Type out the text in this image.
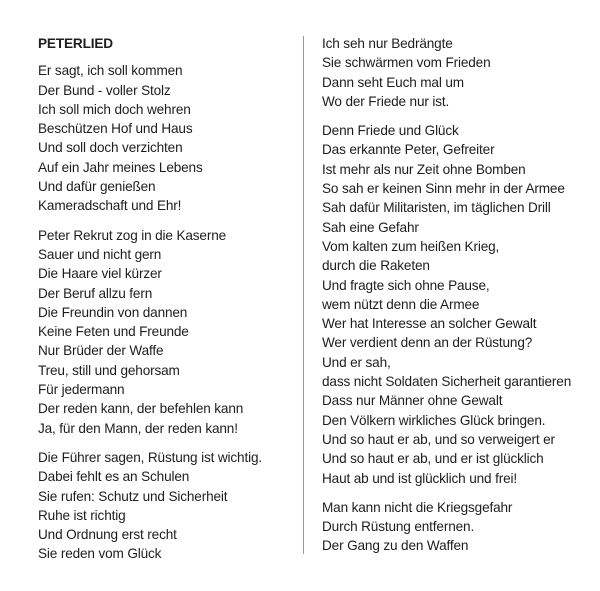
PETERLIED
Er sagt, ich soll kommen
Der Bund - voller Stolz
Ich soll mich doch wehren
Beschützen Hof und Haus
Und soll doch verzichten
Auf ein Jahr meines Lebens
Und dafür genießen
Kameradschaft und Ehr!
Peter Rekrut zog in die Kaserne
Sauer und nicht gern
Die Haare viel kürzer
Der Beruf allzu fern
Die Freundin von dannen
Keine Feten und Freunde
Nur Brüder der Waffe
Treu, still und gehorsam
Für jedermann
Der reden kann, der befehlen kann
Ja, für den Mann, der reden kann!
Die Führer sagen, Rüstung ist wichtig.
Dabei fehlt es an Schulen
Sie rufen: Schutz und Sicherheit
Ruhe ist richtig
Und Ordnung erst recht
Sie reden vom Glück
Ich seh nur Bedrängte
Sie schwärmen vom Frieden
Dann seht Euch mal um
Wo der Friede nur ist.
Denn Friede und Glück
Das erkannte Peter, Gefreiter
Ist mehr als nur Zeit ohne Bomben
So sah er keinen Sinn mehr in der Armee
Sah dafür Militaristen, im täglichen Drill
Sah eine Gefahr
Vom kalten zum heißen Krieg,
durch die Raketen
Und fragte sich ohne Pause,
wem nützt denn die Armee
Wer hat Interesse an solcher Gewalt
Wer verdient denn an der Rüstung?
Und er sah,
dass nicht Soldaten Sicherheit garantieren
Dass nur Männer ohne Gewalt
Den Völkern wirkliches Glück bringen.
Und so haut er ab, und so verweigert er
Und so haut er ab, und er ist glücklich
Haut ab und ist glücklich und frei!
Man kann nicht die Kriegsgefahr
Durch Rüstung entfernen.
Der Gang zu den Waffen
